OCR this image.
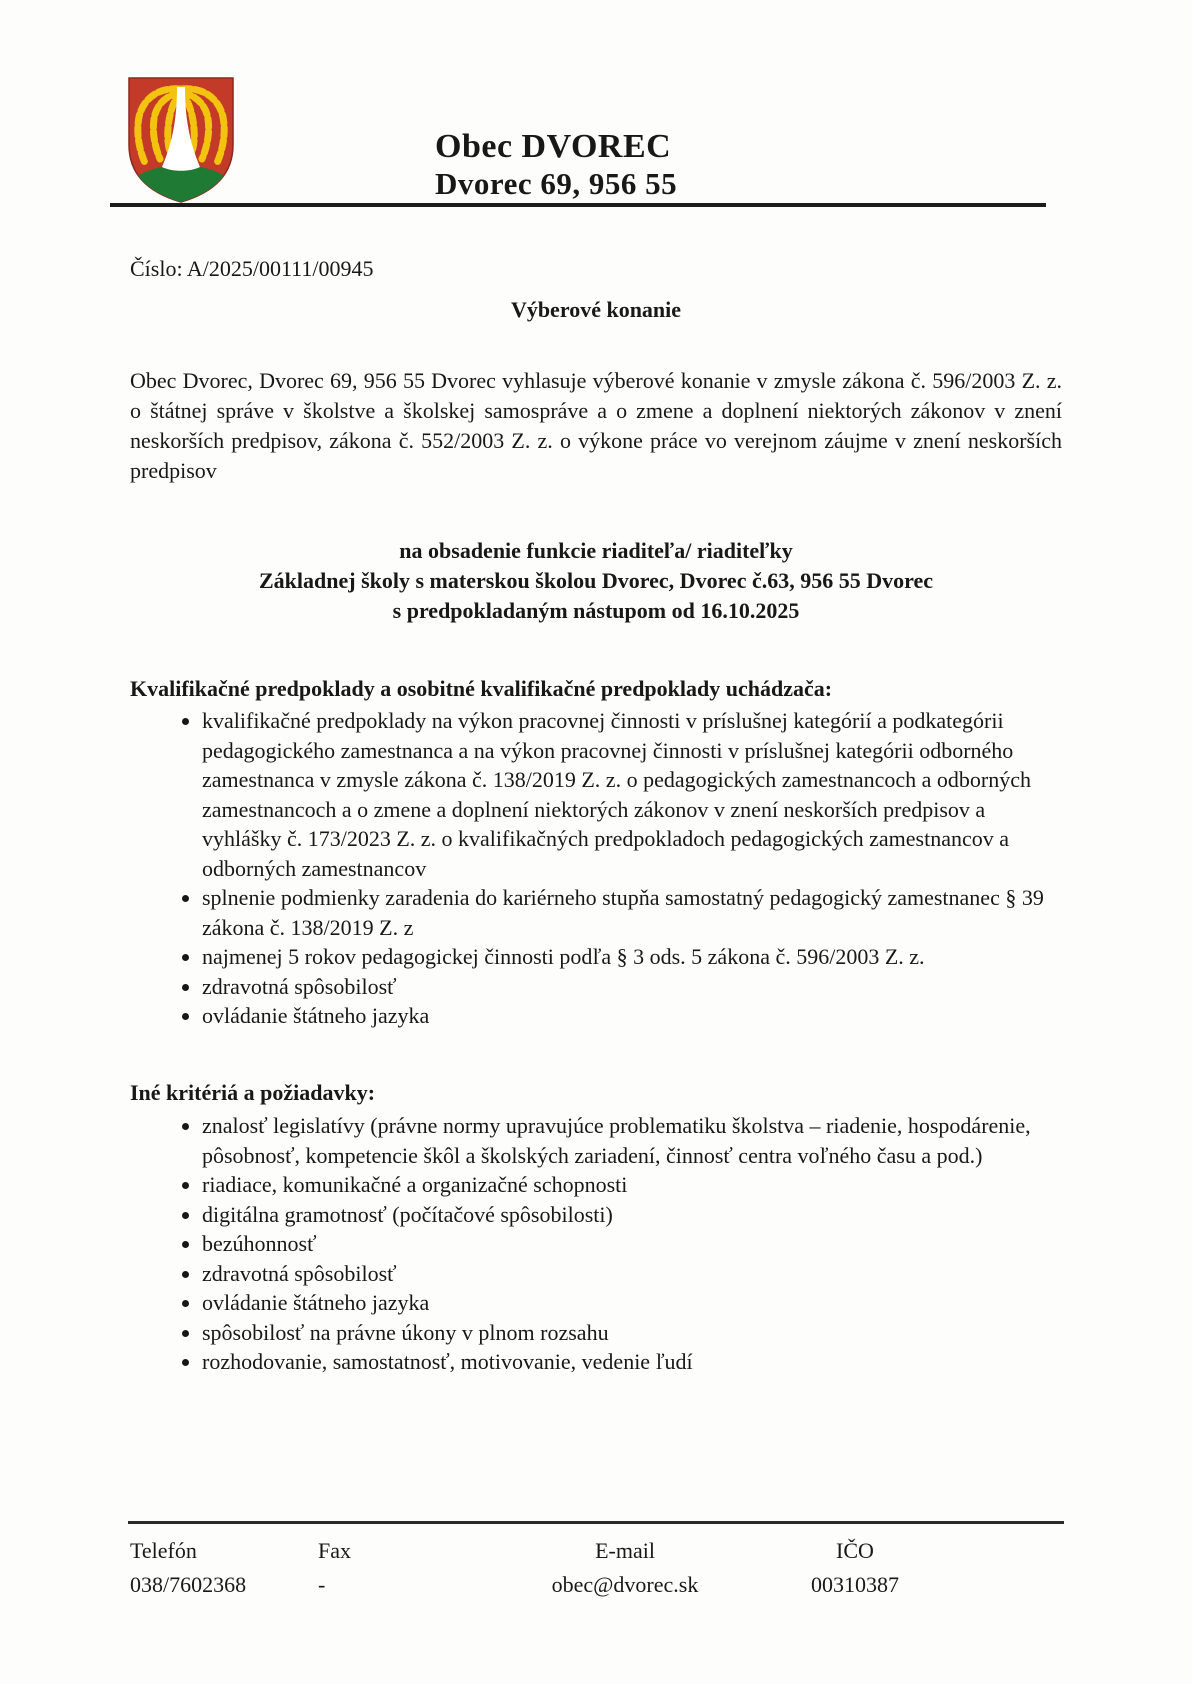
Obec DVOREC
Dvorec 69, 956 55
Číslo: A/2025/00111/00945
Výberové konanie

Obec Dvorec, Dvorec 69, 956 55 Dvorec vyhlasuje výberové konanie v zmysle zákona č. 596/2003 Z. z. o štátnej správe v školstve a školskej samospráve a o zmene a doplnení niektorých zákonov v znení neskorších predpisov, zákona č. 552/2003 Z. z. o výkone práce vo verejnom záujme v znení neskorších predpisov

na obsadenie funkcie riaditeľa/ riaditeľky
Základnej školy s materskou školou Dvorec, Dvorec č.63, 956 55 Dvorec
s predpokladaným nástupom od 16.10.2025
Kvalifikačné predpoklady a osobitné kvalifikačné predpoklady uchádzača:
• kvalifikačné predpoklady na výkon pracovnej činnosti v príslušnej kategórií a podkategórii pedagogického zamestnanca a na výkon pracovnej činnosti v príslušnej kategórii odborného zamestnanca v zmysle zákona č. 138/2019 Z. z. o pedagogických zamestnancoch a odborných zamestnancoch a o zmene a doplnení niektorých zákonov v znení neskorších predpisov a vyhlášky č. 173/2023 Z. z. o kvalifikačných predpokladoch pedagogických zamestnancov a odborných zamestnancov
• splnenie podmienky zaradenia do kariérneho stupňa samostatný pedagogický zamestnanec § 39 zákona č. 138/2019 Z. z
• najmenej 5 rokov pedagogickej činnosti podľa § 3 ods. 5 zákona č. 596/2003 Z. z.
• zdravotná spôsobilosť
• ovládanie štátneho jazyka
Iné kritériá a požiadavky:
• znalosť legislatívy (právne normy upravujúce problematiku školstva – riadenie, hospodárenie, pôsobnosť, kompetencie škôl a školských zariadení, činnosť centra voľného času a pod.)
• riadiace, komunikačné a organizačné schopnosti
• digitálna gramotnosť (počítačové spôsobilosti)
• bezúhonnosť
• zdravotná spôsobilosť
• ovládanie štátneho jazyka
• spôsobilosť na právne úkony v plnom rozsahu
• rozhodovanie, samostatnosť, motivovanie, vedenie ľudí
Telefón	Fax	E-mail	IČO
038/7602368	-	obec@dvorec.sk	00310387
